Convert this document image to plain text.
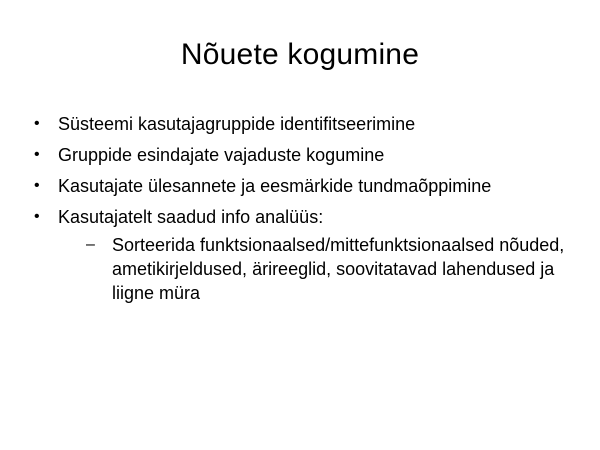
Nõuete kogumine
•	Süsteemi kasutajagruppide identifitseerimine
•	Gruppide esindajate vajaduste kogumine
•	Kasutajate ülesannete ja eesmärkide tundmaõppimine
•	Kasutajatelt saadud info analüüs:
– Sorteerida funktsionaalsed/mittefunktsionaalsed nõuded, ametikirjeldused, ärireeglid, soovitatavad lahendused ja liigne müra
